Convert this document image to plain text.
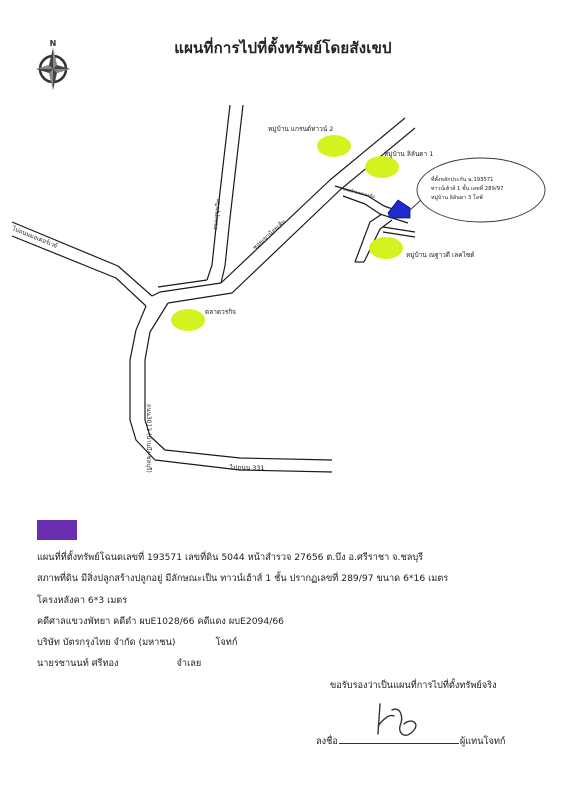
แผนที่การไปที่ตั้งทรัพย์โดยสังเขป
N
ไปถนนมอเตอร์เวย์
ถนนสุขุมวิท
ซอยเขาน้อยเส้ม
ถนน3012 (บ้านบึง-ชลบุรี)
ซอยบ้านหนองค้อ
ไปถนน 331
หมู่บ้าน แกรนด์ทาวน์ 2
หมู่บ้าน ลิลันดา 1
หมู่บ้าน ณฐาวดี เลคไซด์
ตลาดวรกิจ
ที่ตั้งหลักประกัน ฉ.193571
ทาวน์เฮ้าส์ 1 ชั้น เลขที่ 289/97
หมู่บ้าน ลิลันดา 3 โลฟ์
แผนที่ที่ตั้งทรัพย์โฉนดเลขที่ 193571 เลขที่ดิน 5044 หน้าสำรวจ 27656 ต.บึง อ.ศรีราชา จ.ชลบุรี
สภาพที่ดิน มีสิ่งปลูกสร้างปลูกอยู่ มีลักษณะเป็น ทาวน์เฮ้าส์ 1 ชั้น ปรากฏเลขที่ 289/97 ขนาด 6*16 เมตร
โครงหลังคา 6*3 เมตร
คดีศาลแขวงพัทยา คดีดำ ผบE1028/66 คดีแดง ผบE2094/66
บริษัท บัตรกรุงไทย จำกัด (มหาชน)	โจทก์
นายรชานนท์ ศรีทอง	จำเลย
ขอรับรองว่าเป็นแผนที่การไปที่ตั้งทรัพย์จริง
ลงชื่อ	ผู้แทนโจทก์
